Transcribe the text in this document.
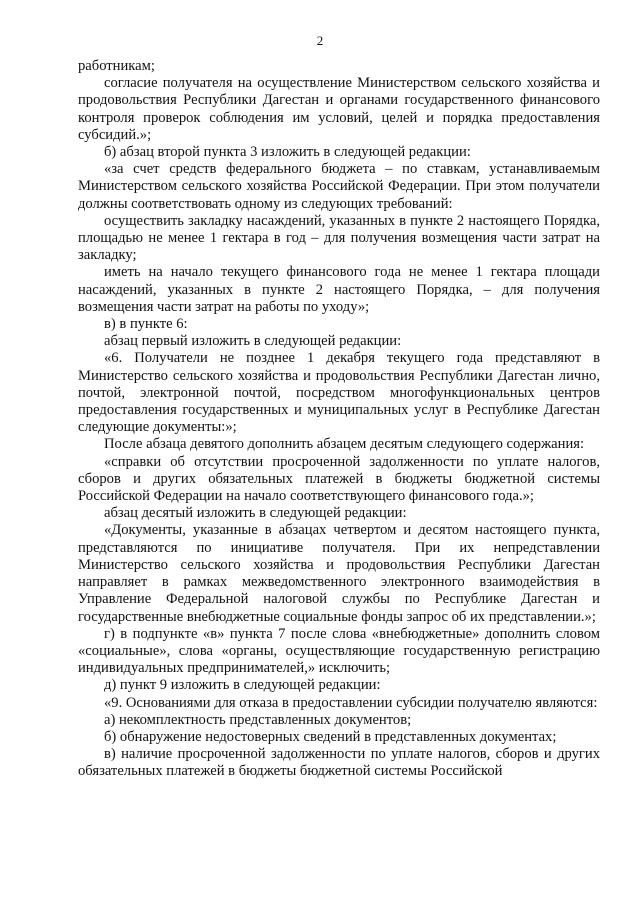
2

работникам;

согласие получателя на осуществление Министерством сельского хозяйства и продовольствия Республики Дагестан и органами государственного финансового контроля проверок соблюдения им условий, целей и порядка предоставления субсидий.»;

б) абзац второй пункта 3 изложить в следующей редакции:

«за счет средств федерального бюджета – по ставкам, устанавливаемым Министерством сельского хозяйства Российской Федерации. При этом получатели должны соответствовать одному из следующих требований:

осуществить закладку насаждений, указанных в пункте 2 настоящего Порядка, площадью не менее 1 гектара в год – для получения возмещения части затрат на закладку;

иметь на начало текущего финансового года не менее 1 гектара площади насаждений, указанных в пункте 2 настоящего Порядка, – для получения возмещения части затрат на работы по уходу»;

в) в пункте 6:

абзац первый изложить в следующей редакции:

«6. Получатели не позднее 1 декабря текущего года представляют в Министерство сельского хозяйства и продовольствия Республики Дагестан лично, почтой, электронной почтой, посредством многофункциональных центров предоставления государственных и муниципальных услуг в Республике Дагестан следующие документы:»;

После абзаца девятого дополнить абзацем десятым следующего содержания:

«справки об отсутствии просроченной задолженности по уплате налогов, сборов и других обязательных платежей в бюджеты бюджетной системы Российской Федерации на начало соответствующего финансового года.»;

абзац десятый изложить в следующей редакции:

«Документы, указанные в абзацах четвертом и десятом настоящего пункта, представляются по инициативе получателя. При их непредставлении Министерство сельского хозяйства и продовольствия Республики Дагестан направляет в рамках межведомственного электронного взаимодействия в Управление Федеральной налоговой службы по Республике Дагестан и государственные внебюджетные социальные фонды запрос об их представлении.»;

г) в подпункте «в» пункта 7 после слова «внебюджетные» дополнить словом «социальные», слова «органы, осуществляющие государственную регистрацию индивидуальных предпринимателей,» исключить;

д) пункт 9 изложить в следующей редакции:

«9. Основаниями для отказа в предоставлении субсидии получателю являются:

а) некомплектность представленных документов;

б) обнаружение недостоверных сведений в представленных документах;

в) наличие просроченной задолженности по уплате налогов, сборов и других обязательных платежей в бюджеты бюджетной системы Российской
